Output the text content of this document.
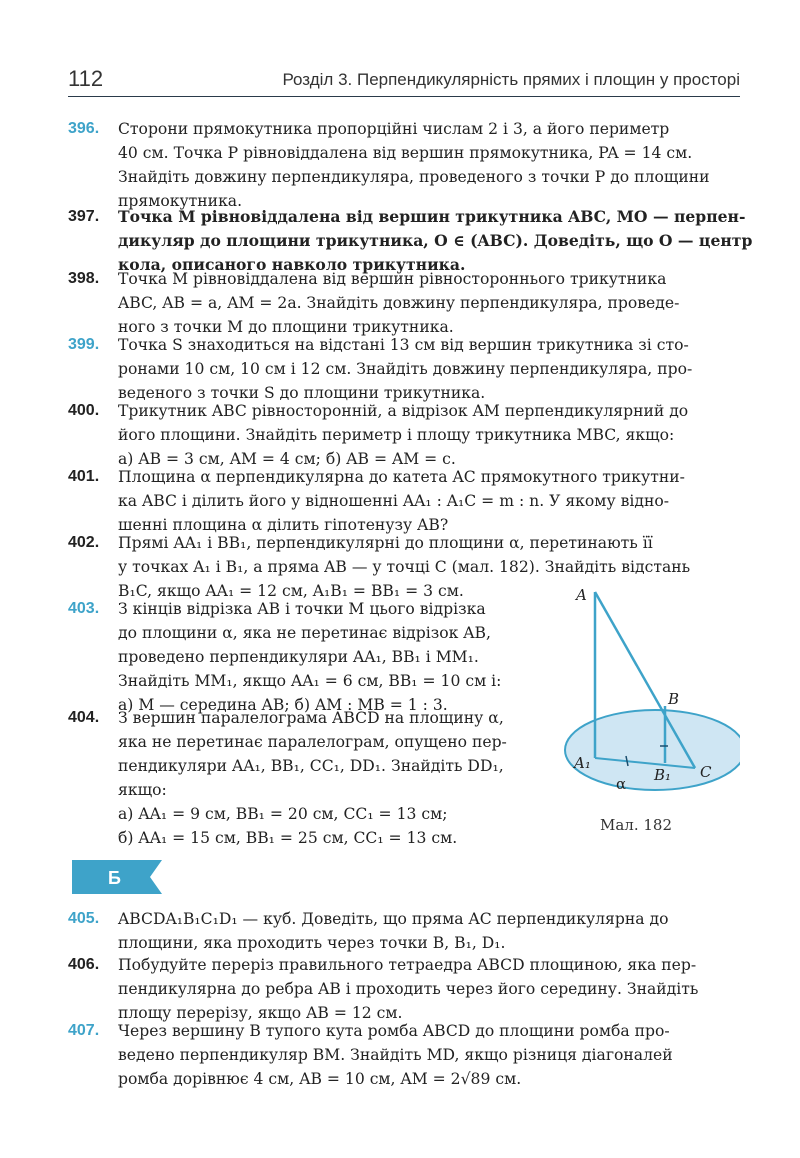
112	Розділ 3. Перпендикулярність прямих і площин у просторі
396. Сторони прямокутника пропорційні числам 2 і 3, а його периметр
40 см. Точка P рівновіддалена від вершин прямокутника, PA = 14 см.
Знайдіть довжину перпендикуляра, проведеного з точки P до площини
прямокутника.
397. Точка M рівновіддалена від вершин трикутника ABC, MO — перпен-
дикуляр до площини трикутника, O ∈ (ABC). Доведіть, що O — центр
кола, описаного навколо трикутника.
398. Точка M рівновіддалена від вершин рівностороннього трикутника
ABC, AB = a, AM = 2a. Знайдіть довжину перпендикуляра, проведе-
ного з точки M до площини трикутника.
399. Точка S знаходиться на відстані 13 см від вершин трикутника зі сто-
ронами 10 см, 10 см і 12 см. Знайдіть довжину перпендикуляра, про-
веденого з точки S до площини трикутника.
400. Трикутник ABC рівносторонній, а відрізок AM перпендикулярний до
його площини. Знайдіть периметр і площу трикутника MBC, якщо:
а) AB = 3 см, AM = 4 см; б) AB = AM = c.
401. Площина α перпендикулярна до катета AC прямокутного трикутни-
ка ABC і ділить його у відношенні AA₁ : A₁C = m : n. У якому відно-
шенні площина α ділить гіпотенузу AB?
402. Прямі AA₁ і BB₁, перпендикулярні до площини α, перетинають її
у точках A₁ і B₁, а пряма AB — у точці C (мал. 182). Знайдіть відстань
B₁C, якщо AA₁ = 12 см, A₁B₁ = BB₁ = 3 см.
403. З кінців відрізка AB і точки M цього відрізка
до площини α, яка не перетинає відрізок AB,
проведено перпендикуляри AA₁, BB₁ і MM₁.
Знайдіть MM₁, якщо AA₁ = 6 см, BB₁ = 10 см і:
а) M — середина AB; б) AM : MB = 1 : 3.
404. З вершин паралелограма ABCD на площину α,
яка не перетинає паралелограм, опущено пер-
пендикуляри AA₁, BB₁, CC₁, DD₁. Знайдіть DD₁,
якщо:
а) AA₁ = 9 см, BB₁ = 20 см, CC₁ = 13 см;
б) AA₁ = 15 см, BB₁ = 25 см, CC₁ = 13 см.
A
B
A₁
B₁ C
α
Мал. 182
Б
405. ABCDA₁B₁C₁D₁ — куб. Доведіть, що пряма AC перпендикулярна до
площини, яка проходить через точки B, B₁, D₁.
406. Побудуйте переріз правильного тетраедра ABCD площиною, яка пер-
пендикулярна до ребра AB і проходить через його середину. Знайдіть
площу перерізу, якщо AB = 12 см.
407. Через вершину B тупого кута ромба ABCD до площини ромба про-
ведено перпендикуляр BM. Знайдіть MD, якщо різниця діагоналей
ромба дорівнює 4 см, AB = 10 см, AM = 2√89 см.
